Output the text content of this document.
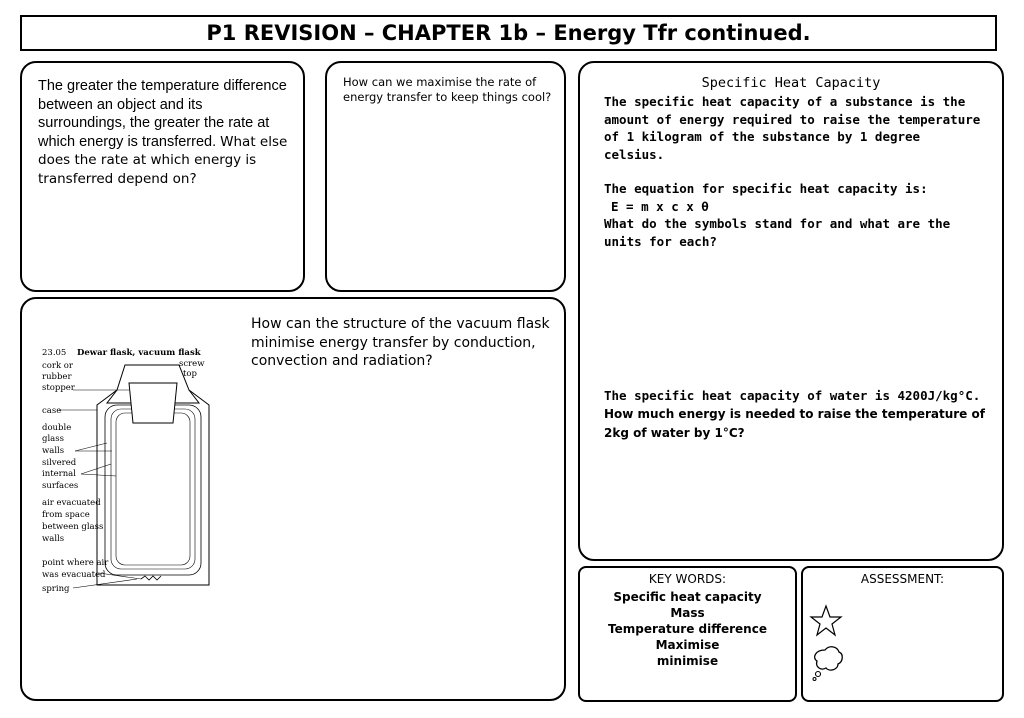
P1 REVISION – CHAPTER 1b – Energy Tfr continued.
The greater the temperature difference between an object and its surroundings, the greater the rate at which energy is transferred. What else does the rate at which energy is transferred depend on?
How can we maximise the rate of energy transfer to keep things cool?
Specific Heat Capacity

The specific heat capacity of a substance is the amount of energy required to raise the temperature of 1 kilogram of the substance by 1 degree celsius.

The equation for specific heat capacity is:

E = m x c x θ

What do the symbols stand for and what are the units for each?

The specific heat capacity of water is 4200J/kg°C.
How much energy is needed to raise the temperature of 2kg of water by 1°C?
23.05 Dewar flask, vacuum flask
cork or
rubber
stopper
screw
top
case
double
glass
walls
silvered
internal
surfaces
air evacuated
from space
between glass
walls
point where air
was evacuated
spring
How can the structure of the vacuum flask minimise energy transfer by conduction, convection and radiation?
KEY WORDS:
Specific heat capacity
Mass
Temperature difference
Maximise
minimise
ASSESSMENT:
